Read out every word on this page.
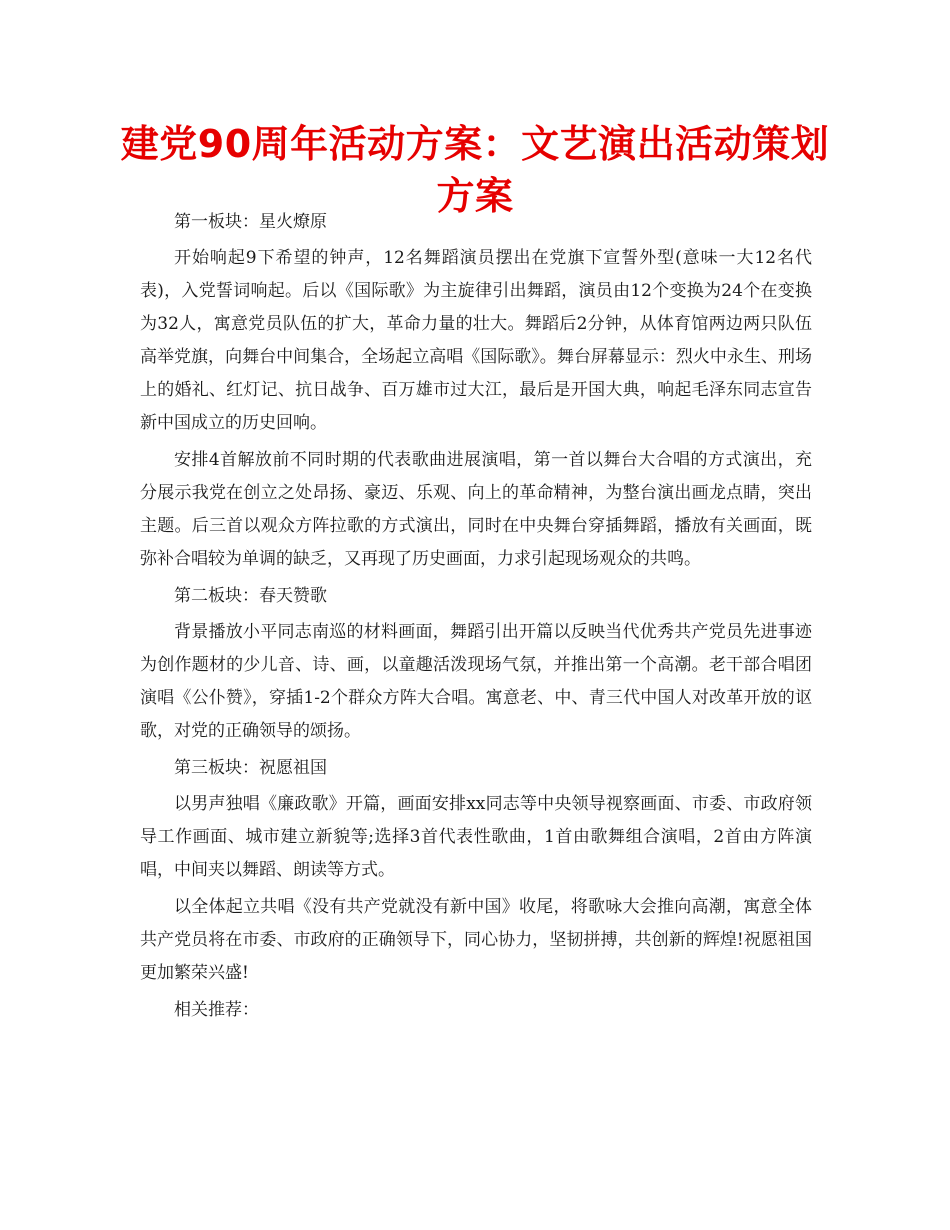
建党90周年活动方案：文艺演出活动策划方案

第一板块：星火燎原

开始响起9下希望的钟声，12名舞蹈演员摆出在党旗下宣誓外型(意味一大12名代表)，入党誓词响起。后以《国际歌》为主旋律引出舞蹈，演员由12个变换为24个在变换为32人，寓意党员队伍的扩大，革命力量的壮大。舞蹈后2分钟，从体育馆两边两只队伍高举党旗，向舞台中间集合，全场起立高唱《国际歌》。舞台屏幕显示：烈火中永生、刑场上的婚礼、红灯记、抗日战争、百万雄市过大江，最后是开国大典，响起毛泽东同志宣告新中国成立的历史回响。

安排4首解放前不同时期的代表歌曲进展演唱，第一首以舞台大合唱的方式演出，充分展示我党在创立之处昂扬、豪迈、乐观、向上的革命精神，为整台演出画龙点睛，突出主题。后三首以观众方阵拉歌的方式演出，同时在中央舞台穿插舞蹈，播放有关画面，既弥补合唱较为单调的缺乏，又再现了历史画面，力求引起现场观众的共鸣。

第二板块：春天赞歌

背景播放小平同志南巡的材料画面，舞蹈引出开篇以反映当代优秀共产党员先进事迹为创作题材的少儿音、诗、画，以童趣活泼现场气氛，并推出第一个高潮。老干部合唱团演唱《公仆赞》，穿插1-2个群众方阵大合唱。寓意老、中、青三代中国人对改革开放的讴歌，对党的正确领导的颂扬。

第三板块：祝愿祖国

以男声独唱《廉政歌》开篇，画面安排xx同志等中央领导视察画面、市委、市政府领导工作画面、城市建立新貌等;选择3首代表性歌曲，1首由歌舞组合演唱，2首由方阵演唱，中间夹以舞蹈、朗读等方式。

以全体起立共唱《没有共产党就没有新中国》收尾，将歌咏大会推向高潮，寓意全体共产党员将在市委、市政府的正确领导下，同心协力，坚韧拼搏，共创新的辉煌!祝愿祖国更加繁荣兴盛!

相关推荐：
